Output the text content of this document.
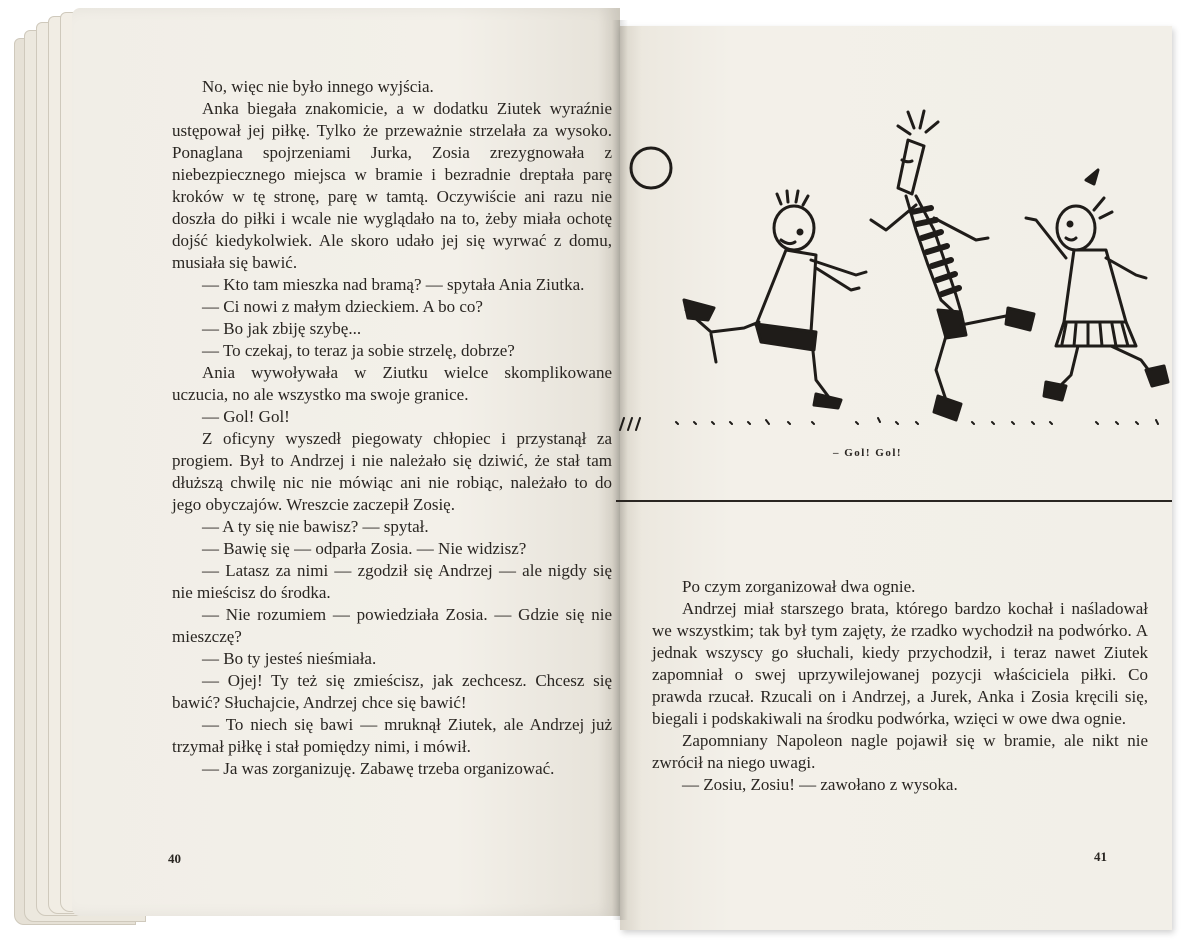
No, więc nie było innego wyjścia.

Anka biegała znakomicie, a w dodatku Ziutek wyraźnie ustępował jej piłkę. Tylko że przeważnie strzelała za wysoko. Ponaglana spojrzeniami Jurka, Zosia zrezygnowała z niebezpiecznego miejsca w bramie i bezradnie dreptała parę kroków w tę stronę, parę w tamtą. Oczywiście ani razu nie doszła do piłki i wcale nie wyglądało na to, żeby miała ochotę dojść kiedykolwiek. Ale skoro udało jej się wyrwać z domu, musiała się bawić.

— Kto tam mieszka nad bramą? — spytała Ania Ziutka.

— Ci nowi z małym dzieckiem. A bo co?

— Bo jak zbiję szybę...

— To czekaj, to teraz ja sobie strzelę, dobrze?

Ania wywoływała w Ziutku wielce skomplikowane uczucia, no ale wszystko ma swoje granice.

— Gol! Gol!

Z oficyny wyszedł piegowaty chłopiec i przystanął za progiem. Był to Andrzej i nie należało się dziwić, że stał tam dłuższą chwilę nic nie mówiąc ani nie robiąc, należało to do jego obyczajów. Wreszcie zaczepił Zosię.

— A ty się nie bawisz? — spytał.

— Bawię się — odparła Zosia. — Nie widzisz?

— Latasz za nimi — zgodził się Andrzej — ale nigdy się nie mieścisz do środka.

— Nie rozumiem — powiedziała Zosia. — Gdzie się nie mieszczę?

— Bo ty jesteś nieśmiała.

— Ojej! Ty też się zmieścisz, jak zechcesz. Chcesz się bawić? Słuchajcie, Andrzej chce się bawić!

— To niech się bawi — mruknął Ziutek, ale Andrzej już trzymał piłkę i stał pomiędzy nimi, i mówił.

— Ja was zorganizuję. Zabawę trzeba organizować.

40
– Gol! Gol!

Po czym zorganizował dwa ognie.

Andrzej miał starszego brata, którego bardzo kochał i naśladował we wszystkim; tak był tym zajęty, że rzadko wychodził na podwórko. A jednak wszyscy go słuchali, kiedy przychodził, i teraz nawet Ziutek zapomniał o swej uprzywilejowanej pozycji właściciela piłki. Co prawda rzucał. Rzucali on i Andrzej, a Jurek, Anka i Zosia kręcili się, biegali i podskakiwali na środku podwórka, wzięci w owe dwa ognie.

Zapomniany Napoleon nagle pojawił się w bramie, ale nikt nie zwrócił na niego uwagi.

— Zosiu, Zosiu! — zawołano z wysoka.

41
